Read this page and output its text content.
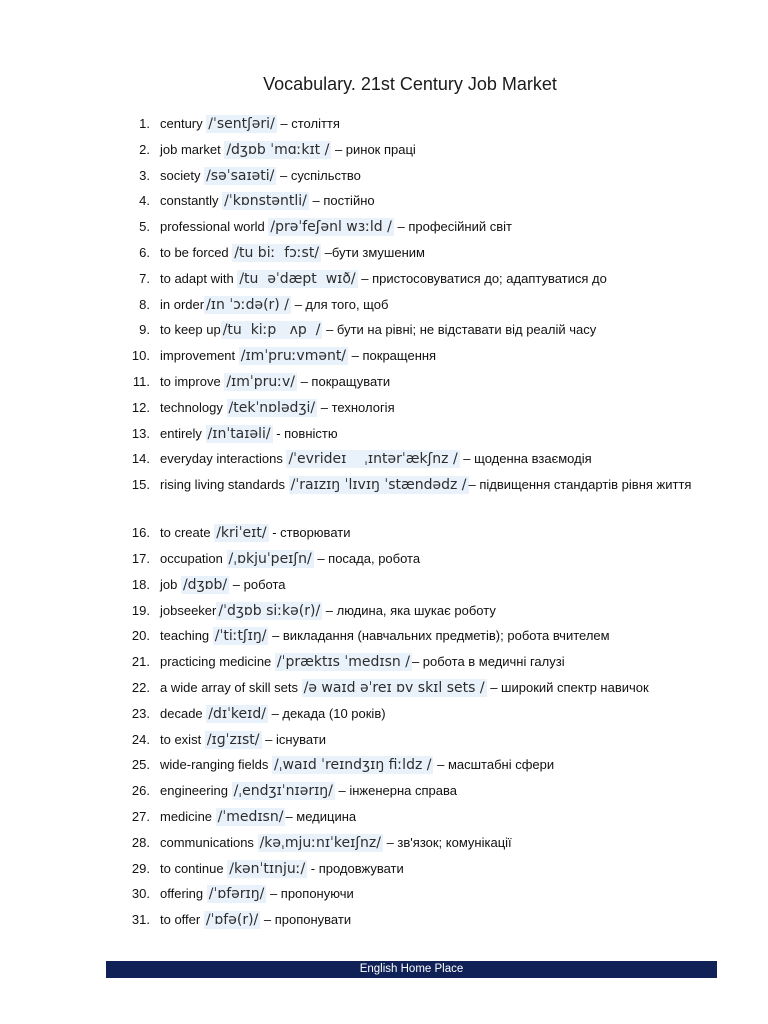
Vocabulary. 21st Century Job Market
1. century /ˈsentʃəri/ – століття
2. job market /dʒɒb ˈmɑːkɪt / – ринок праці
3. society /səˈsaɪəti/ – суспільство
4. constantly /ˈkɒnstəntli/ – постійно
5. professional world /prəˈfeʃənl wɜːld / – професійний світ
6. to be forced /tu biː  fɔːst/ –бути змушеним
7. to adapt with /tu  əˈdæpt  wɪð/ – пристосовуватися до; адаптуватися до
8. in order /ɪn ˈɔːdə(r) / – для того, щоб
9. to keep up /tu  kiːp   ʌp  / – бути на рівні; не відставати від реалій часу
10. improvement /ɪmˈpruːvmənt/ – покращення
11. to improve /ɪmˈpruːv/ – покращувати
12. technology /tekˈnɒlədʒi/ – технологія
13. entirely /ɪnˈtaɪəli/ - повністю
14. everyday interactions /ˈevrideɪ    ˌɪntərˈækʃnz / – щоденна взаємодія
15. rising living standards /ˈraɪzɪŋ ˈlɪvɪŋ ˈstændədz / – підвищення стандартів рівня життя
16. to create /kriˈeɪt/ - створювати
17. occupation /ˌɒkjuˈpeɪʃn/ – посада, робота
18. job /dʒɒb/ – робота
19. jobseeker /ˈdʒɒb siːkə(r)/ – людина, яка шукає роботу
20. teaching /ˈtiːtʃɪŋ/ – викладання (навчальних предметів); робота вчителем
21. practicing medicine /ˈpræktɪs ˈmedɪsn / – робота в медичні галузі
22. a wide array of skill sets /ə waɪd əˈreɪ ɒv skɪl sets / – широкий спектр навичок
23. decade /dɪˈkeɪd/ – декада (10 років)
24. to exist /ɪɡˈzɪst/ – існувати
25. wide-ranging fields /ˌwaɪd ˈreɪndʒɪŋ fiːldz / – масштабні сфери
26. engineering /ˌendʒɪˈnɪərɪŋ/ – інженерна справа
27. medicine /ˈmedɪsn/ – медицина
28. communications /kəˌmjuːnɪˈkeɪʃnz/ – зв'язок; комунікації
29. to continue /kənˈtɪnjuː/ - продовжувати
30. offering /ˈɒfərɪŋ/ – пропонуючи
31. to offer /ˈɒfə(r)/ – пропонувати
English Home Place
